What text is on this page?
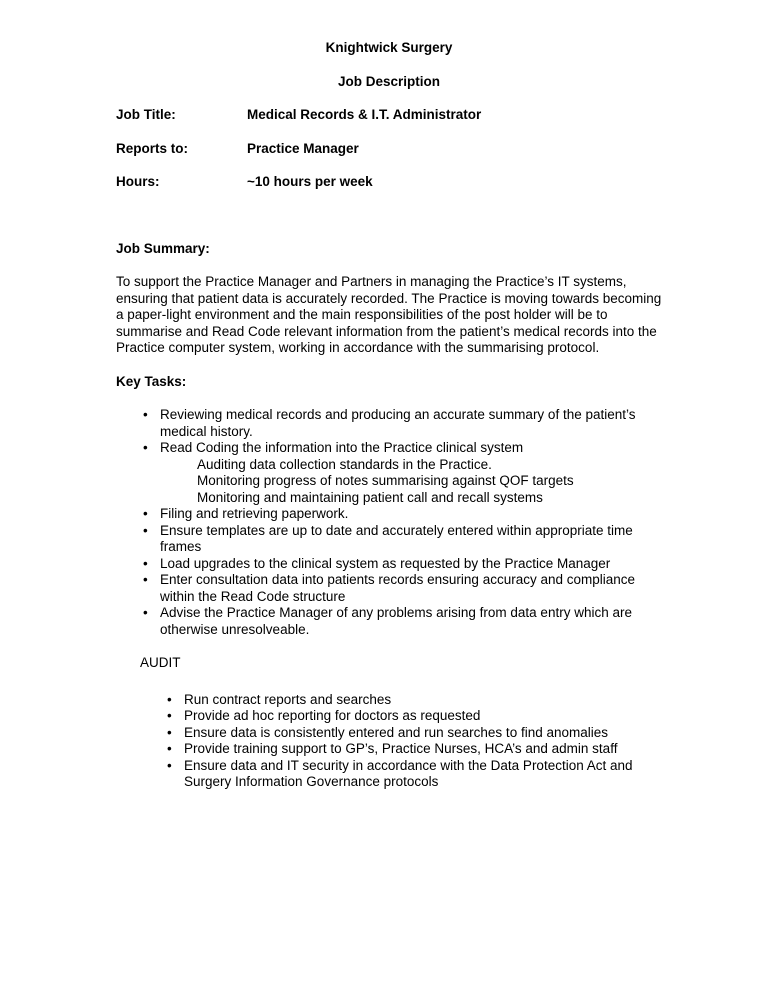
Knightwick Surgery
Job Description
Job Title:	Medical Records & I.T. Administrator
Reports to:	Practice Manager
Hours:	~10 hours per week
Job Summary:
To support the Practice Manager and Partners in managing the Practice’s IT systems, ensuring that patient data is accurately recorded. The Practice is moving towards becoming a paper-light environment and the main responsibilities of the post holder will be to summarise and Read Code relevant information from the patient’s medical records into the Practice computer system, working in accordance with the summarising protocol.
Key Tasks:
• Reviewing medical records and producing an accurate summary of the patient’s medical history.
• Read Coding the information into the Practice clinical system
Auditing data collection standards in the Practice.
Monitoring progress of notes summarising against QOF targets
Monitoring and maintaining patient call and recall systems
• Filing and retrieving paperwork.
• Ensure templates are up to date and accurately entered within appropriate time frames
• Load upgrades to the clinical system as requested by the Practice Manager
• Enter consultation data into patients records ensuring accuracy and compliance within the Read Code structure
• Advise the Practice Manager of any problems arising from data entry which are otherwise unresolveable.
AUDIT
• Run contract reports and searches
• Provide ad hoc reporting for doctors as requested
• Ensure data is consistently entered and run searches to find anomalies
• Provide training support to GP’s, Practice Nurses, HCA’s and admin staff
• Ensure data and IT security in accordance with the Data Protection Act and Surgery Information Governance protocols
